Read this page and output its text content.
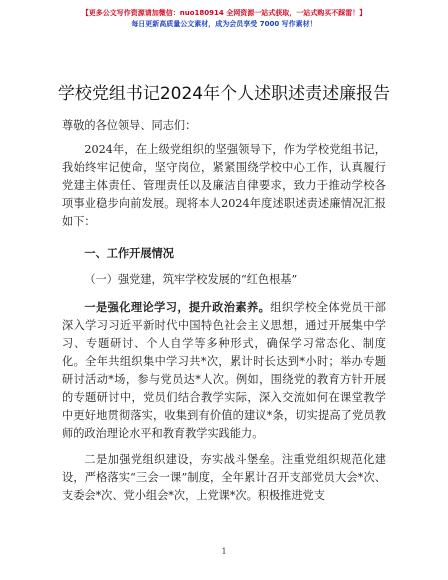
【更多公文写作资源请加微信：nuo180914 全网资源一站式获取，一站式购买不踩雷！】
每日更新高质量公文素材，成为会员享受 7000 写作素材！
学校党组书记2024年个人述职述责述廉报告

尊敬的各位领导、同志们：

2024年，在上级党组织的坚强领导下，作为学校党组书记，我始终牢记使命，坚守岗位，紧紧围绕学校中心工作，认真履行党建主体责任、管理责任以及廉洁自律要求，致力于推动学校各项事业稳步向前发展。现将本人2024年度述职述责述廉情况汇报如下：

一、工作开展情况

（一）强党建，筑牢学校发展的“红色根基”

一是强化理论学习，提升政治素养。组织学校全体党员干部深入学习习近平新时代中国特色社会主义思想，通过开展集中学习、专题研讨、个人自学等多种形式，确保学习常态化、制度化。全年共组织集中学习共*次，累计时长达到*小时；举办专题研讨活动*场，参与党员达*人次。例如，围绕党的教育方针开展的专题研讨中，党员们结合教学实际，深入交流如何在课堂教学中更好地贯彻落实，收集到有价值的建议*条，切实提高了党员教师的政治理论水平和教育教学实践能力。

二是加强党组织建设，夯实战斗堡垒。注重党组织规范化建设，严格落实“三会一课”制度，全年累计召开支部党员大会*次、支委会*次、党小组会*次，上党课*次。积极推进党支

1
